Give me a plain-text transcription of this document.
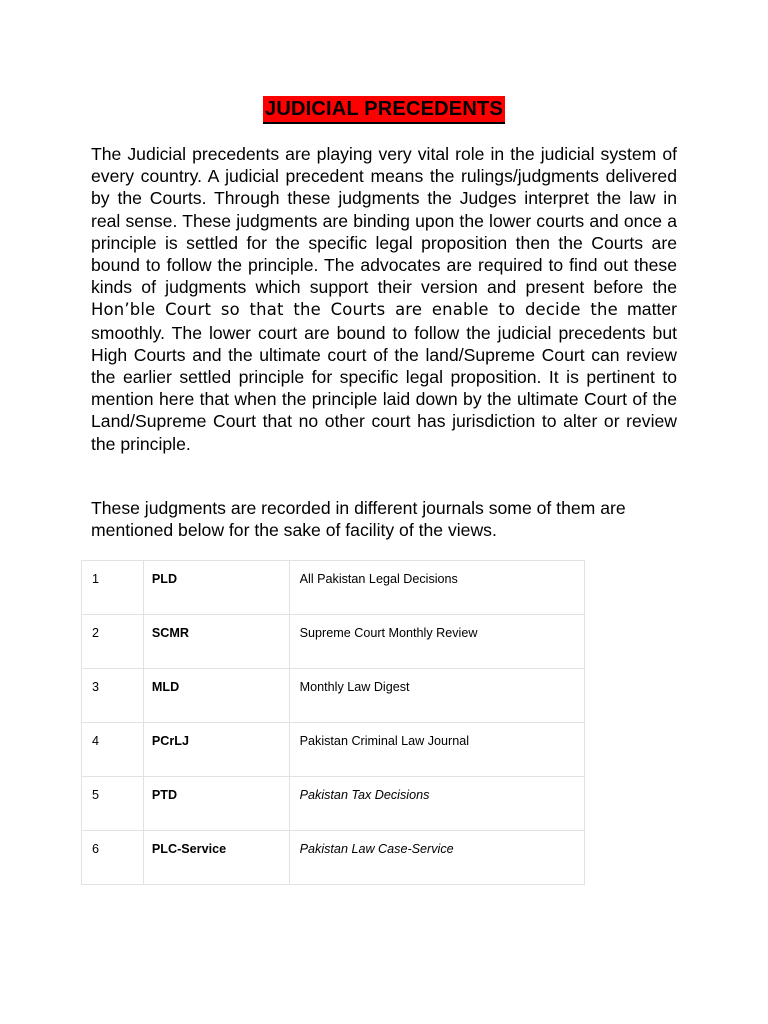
JUDICIAL PRECEDENTS

The Judicial precedents are playing very vital role in the judicial system of every country. A judicial precedent means the rulings/judgments delivered by the Courts. Through these judgments the Judges interpret the law in real sense. These judgments are binding upon the lower courts and once a principle is settled for the specific legal proposition then the Courts are bound to follow the principle. The advocates are required to find out these kinds of judgments which support their version and present before the Hon’ble Court so that the Courts are enable to decide the matter smoothly. The lower court are bound to follow the judicial precedents but High Courts and the ultimate court of the land/Supreme Court can review the earlier settled principle for specific legal proposition. It is pertinent to mention here that when the principle laid down by the ultimate Court of the Land/Supreme Court that no other court has jurisdiction to alter or review the principle.

These judgments are recorded in different journals some of them are mentioned below for the sake of facility of the views.

1	PLD	All Pakistan Legal Decisions
2	SCMR	Supreme Court Monthly Review
3	MLD	Monthly Law Digest
4	PCrLJ	Pakistan Criminal Law Journal
5	PTD	Pakistan Tax Decisions
6	PLC-Service	Pakistan Law Case-Service
